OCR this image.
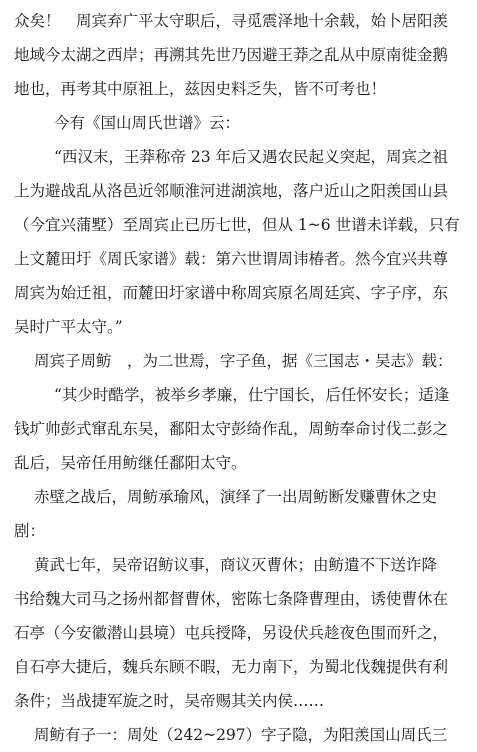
众矣！　周宾弃广平太守职后，寻觅震泽地十余载，始卜居阳羡
地域今太湖之西岸；再溯其先世乃因避王莽之乱从中原南徙金鹅
地也，再考其中原祖上，兹因史料乏失，皆不可考也！
今有《国山周氏世谱》云：
“西汉末，王莽称帝 23 年后又遇农民起义突起，周宾之祖
上为避战乱从洛邑近邻顺淮河进湖滨地，落户近山之阳羡国山县
（今宜兴蒲墅）至周宾止已历七世，但从 1~6 世谱未详载，只有
上文麓田圩《周氏家谱》载：第六世谓周讳椿者。然今宜兴共尊
周宾为始迁祖，而麓田圩家谱中称周宾原名周廷宾、字子序，东
吴时广平太守。”
周宾子周鲂　，为二世焉，字子鱼，据《三国志・吴志》载：
“其少时酷学，被举乡孝廉，仕宁国长，后任怀安长；适逢
钱圹帅彭式窜乱东吴，鄱阳太守彭绮作乱，周鲂奉命讨伐二彭之
乱后，吴帝任用鲂继任鄱阳太守。
赤壁之战后，周鲂承瑜风，演绎了一出周鲂断发赚曹休之史
剧：
黄武七年，吴帝诏鲂议事，商议灭曹休；由鲂遣不下送诈降
书给魏大司马之扬州都督曹休，密陈七条降曹理由，诱使曹休在
石亭（今安徽潜山县境）屯兵授降，另设伏兵趁夜色围而歼之，
自石亭大捷后，魏兵东顾不暇，无力南下，为蜀北伐魏提供有利
条件；当战捷军旋之时，吴帝赐其关内侯……
周鲂有子一：周处（242~297）字子隐，为阳羡国山周氏三
